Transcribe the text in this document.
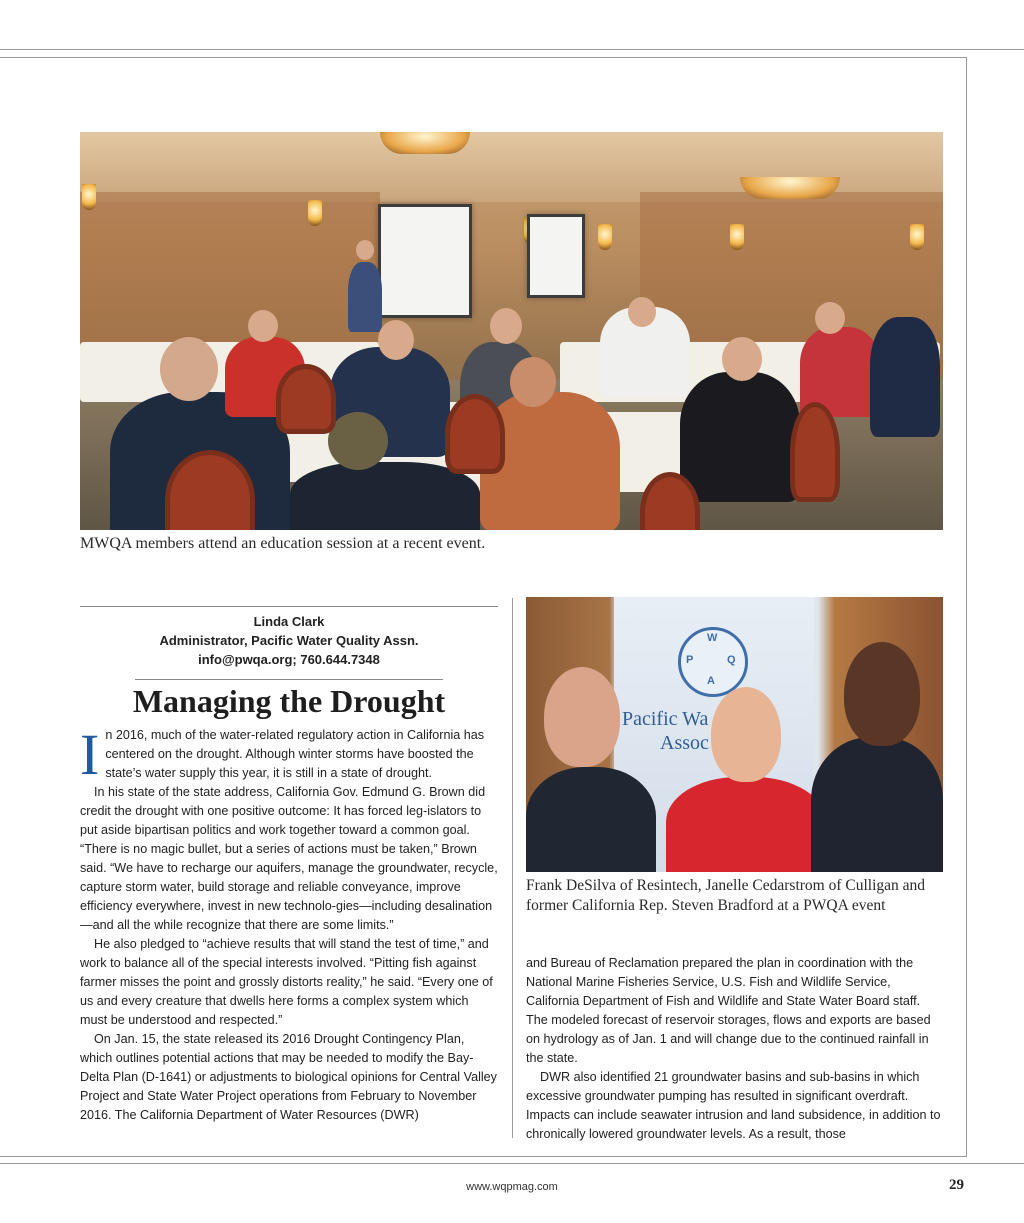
MWQA members attend an education session at a recent event.
Linda Clark
Administrator, Pacific Water Quality Assn.
info@pwqa.org; 760.644.7348
Managing the Drought

In 2016, much of the water-related regulatory action in California has centered on the drought. Although winter storms have boosted the state’s water supply this year, it is still in a state of drought.

In his state of the state address, California Gov. Edmund G. Brown did credit the drought with one positive outcome: It has forced leg-islators to put aside bipartisan politics and work together toward a common goal. “There is no magic bullet, but a series of actions must be taken,” Brown said. “We have to recharge our aquifers, manage the groundwater, recycle, capture storm water, build storage and reliable conveyance, improve efficiency everywhere, invest in new technolo-gies—including desalination—and all the while recognize that there are some limits.”

He also pledged to “achieve results that will stand the test of time,” and work to balance all of the special interests involved. “Pitting fish against farmer misses the point and grossly distorts reality,” he said. “Every one of us and every creature that dwells here forms a complex system which must be understood and respected.”

On Jan. 15, the state released its 2016 Drought Contingency Plan, which outlines potential actions that may be needed to modify the Bay-Delta Plan (D-1641) or adjustments to biological opinions for Central Valley Project and State Water Project operations from February to November 2016. The California Department of Water Resources (DWR)

W
P	Q
A
Pacific Wa
Assoc
Frank DeSilva of Resintech, Janelle Cedarstrom of Culligan and former California Rep. Steven Bradford at a PWQA event

and Bureau of Reclamation prepared the plan in coordination with the National Marine Fisheries Service, U.S. Fish and Wildlife Service, California Department of Fish and Wildlife and State Water Board staff. The modeled forecast of reservoir storages, flows and exports are based on hydrology as of Jan. 1 and will change due to the continued rainfall in the state.

DWR also identified 21 groundwater basins and sub-basins in which excessive groundwater pumping has resulted in significant overdraft. Impacts can include seawater intrusion and land subsidence, in addition to chronically lowered groundwater levels. As a result, those

www.wqpmag.com	29
